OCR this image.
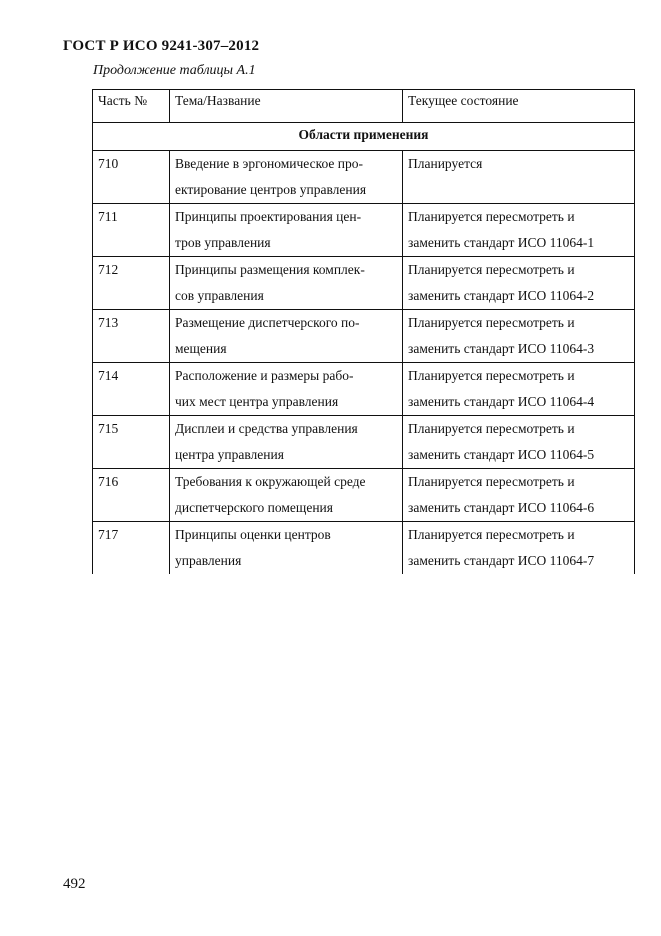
ГОСТ Р ИСО 9241-307–2012
Продолжение таблицы А.1
Часть №	Тема/Название	Текущее состояние
Области применения		

710	Введение в эргономическое про-
ектирование центров управления	Планируется

711	Принципы проектирования цен-
тров управления	Планируется пересмотреть и
заменить стандарт ИСО 11064-1

712	Принципы размещения комплек-
сов управления	Планируется пересмотреть и
заменить стандарт ИСО 11064-2

713	Размещение диспетчерского по-
мещения	Планируется пересмотреть и
заменить стандарт ИСО 11064-3

714	Расположение и размеры рабо-
чих мест центра управления	Планируется пересмотреть и
заменить стандарт ИСО 11064-4

715	Дисплеи и средства управления
центра управления	Планируется пересмотреть и
заменить стандарт ИСО 11064-5

716	Требования к окружающей среде
диспетчерского помещения	Планируется пересмотреть и
заменить стандарт ИСО 11064-6

717	Принципы оценки центров
управления	Планируется пересмотреть и
заменить стандарт ИСО 11064-7
492
